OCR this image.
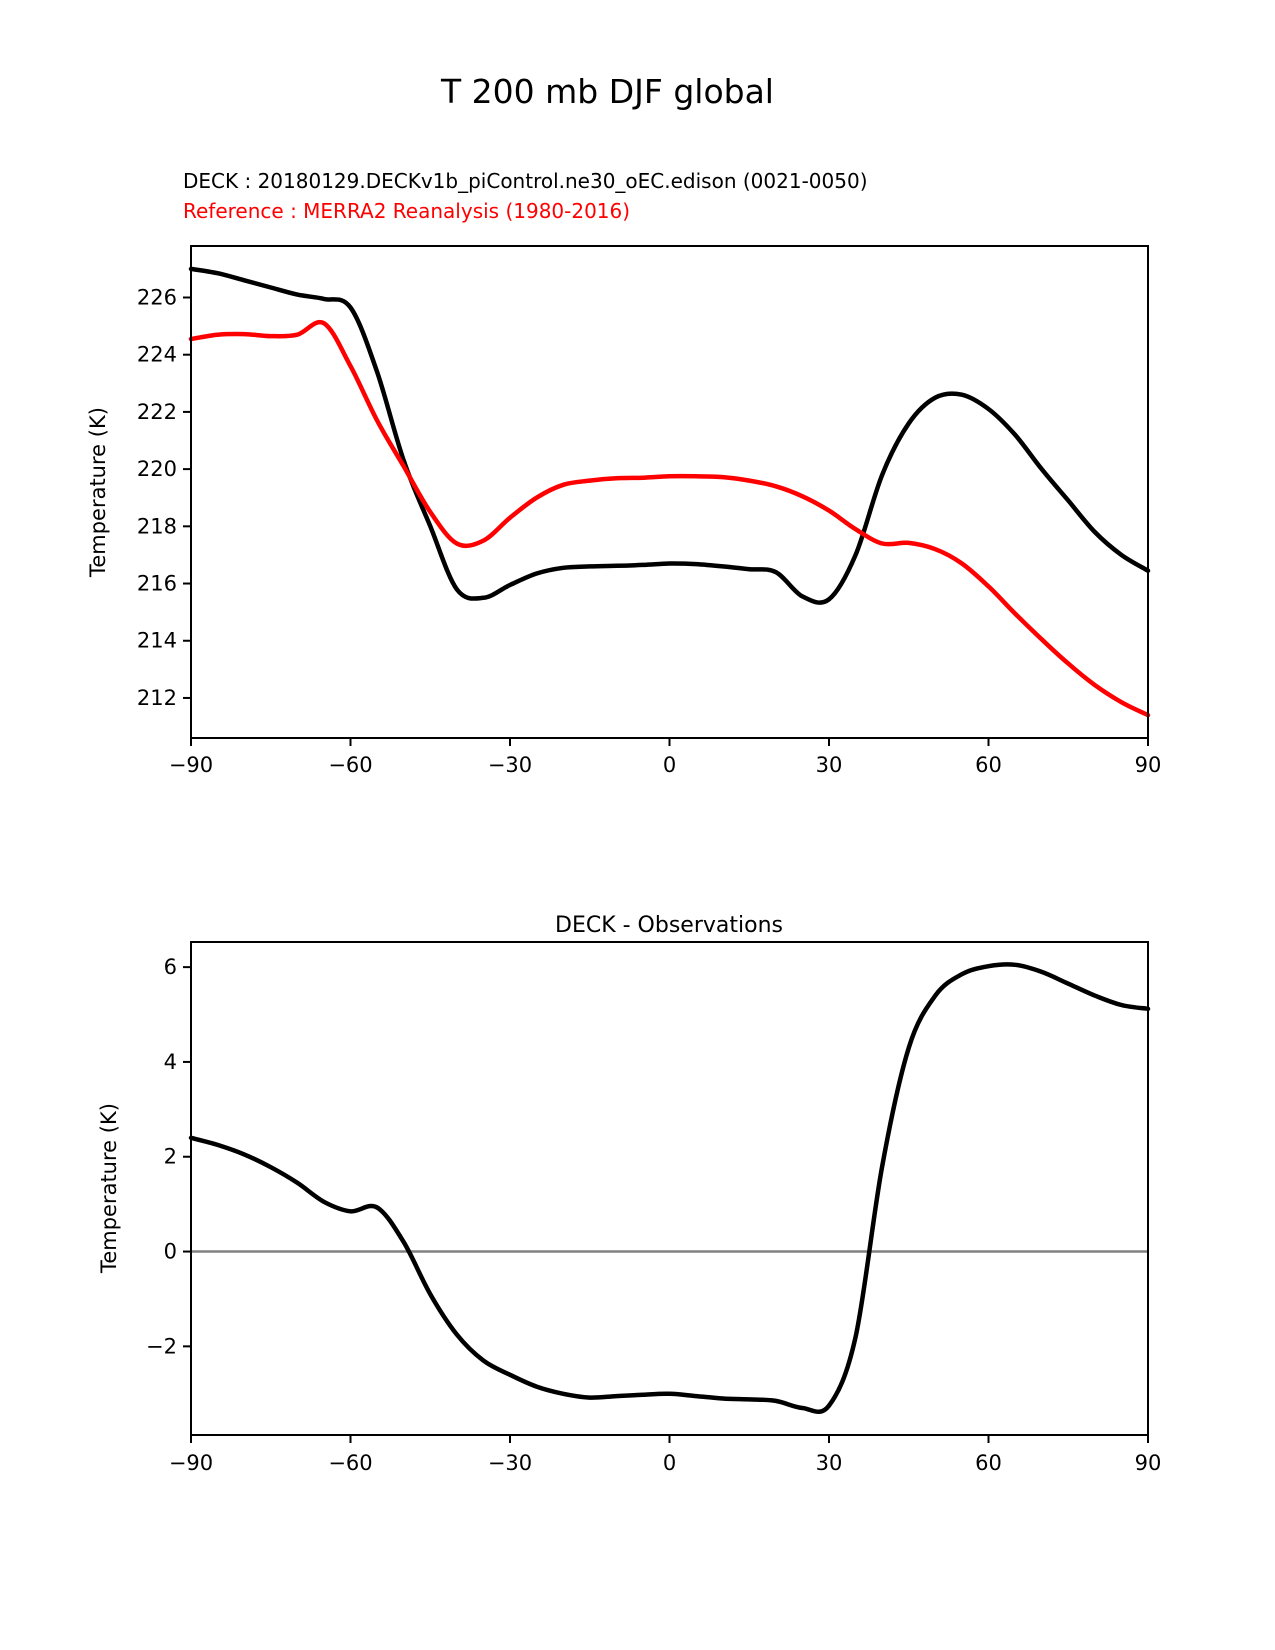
T 200 mb DJF global
DECK : 20180129.DECKv1b_piControl.ne30_oEC.edison (0021-0050)
Reference : MERRA2 Reanalysis (1980-2016)
Temperature (K)
−90	−60	−30	0	30	60	90
212
214
216
218
220
222
224
226
DECK - Observations
Temperature (K)
−90	−60	−30	0	30	60	90
−2
0
2
4
6
